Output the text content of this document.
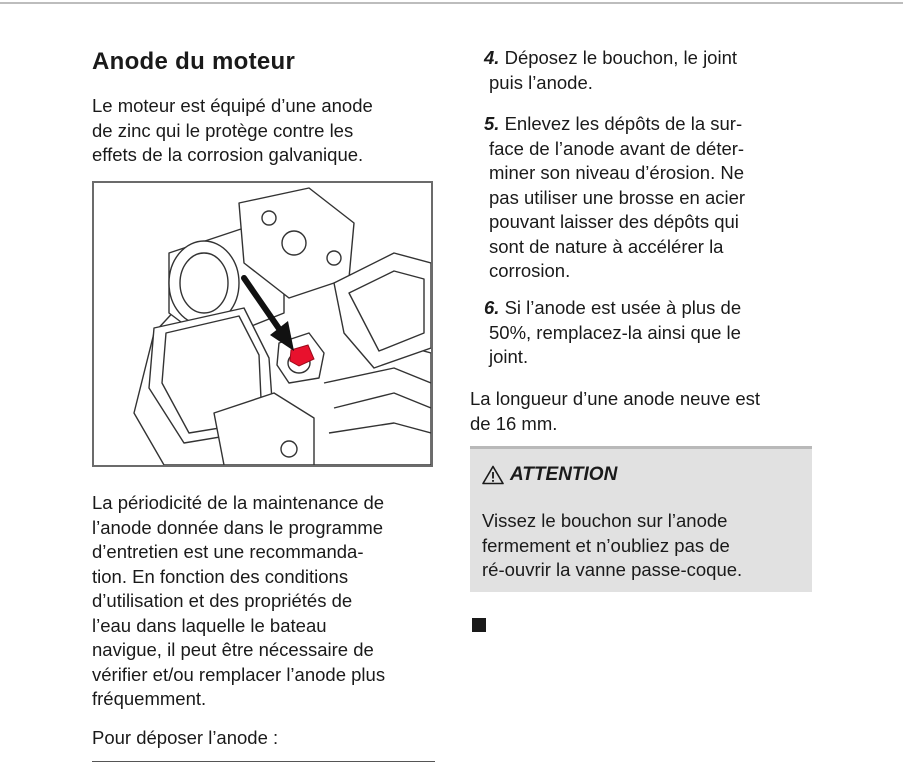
Anode du moteur

Le moteur est équipé d’une anode
de zinc qui le protège contre les
effets de la corrosion galvanique.

La périodicité de la maintenance de
l’anode donnée dans le programme
d’entretien est une recommanda-
tion. En fonction des conditions
d’utilisation et des propriétés de
l’eau dans laquelle le bateau
navigue, il peut être nécessaire de
vérifier et/ou remplacer l’anode plus
fréquemment.

Pour déposer l’anode :

4. Déposez le bouchon, le joint
puis l’anode.
5. Enlevez les dépôts de la sur-
face de l’anode avant de déter-
miner son niveau d’érosion. Ne
pas utiliser une brosse en acier
pouvant laisser des dépôts qui
sont de nature à accélérer la
corrosion.
6. Si l’anode est usée à plus de
50%, remplacez-la ainsi que le
joint.

La longueur d’une anode neuve est
de 16 mm.

ATTENTION
Vissez le bouchon sur l’anode
fermement et n’oubliez pas de
ré-ouvrir la vanne passe-coque.
